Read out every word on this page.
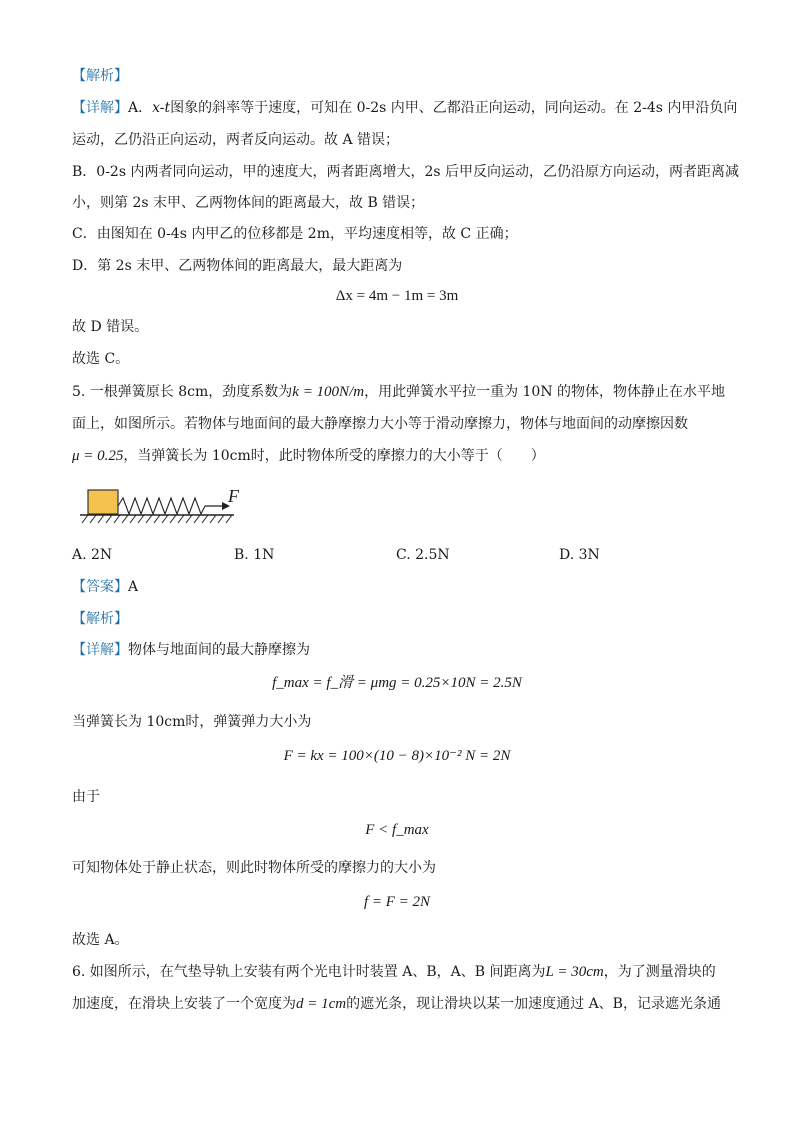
【解析】
【详解】A．x-t图象的斜率等于速度，可知在 0-2s 内甲、乙都沿正向运动，同向运动。在 2-4s 内甲沿负向
运动，乙仍沿正向运动，两者反向运动。故 A 错误；
B．0-2s 内两者同向运动，甲的速度大，两者距离增大，2s 后甲反向运动，乙仍沿原方向运动，两者距离减
小，则第 2s 末甲、乙两物体间的距离最大，故 B 错误；
C．由图知在 0-4s 内甲乙的位移都是 2m，平均速度相等，故 C 正确；
D．第 2s 末甲、乙两物体间的距离最大，最大距离为
Δx = 4m − 1m = 3m
故 D 错误。
故选 C。
5. 一根弹簧原长 8cm，劲度系数为k = 100N/m，用此弹簧水平拉一重为 10N 的物体，物体静止在水平地
面上，如图所示。若物体与地面间的最大静摩擦力大小等于滑动摩擦力，物体与地面间的动摩擦因数
μ = 0.25，当弹簧长为 10cm时，此时物体所受的摩擦力的大小等于（　　）
F
A. 2N	B. 1N	C. 2.5N	D. 3N
【答案】A
【解析】
【详解】物体与地面间的最大静摩擦为
f_max = f_滑 = μmg = 0.25×10N = 2.5N
当弹簧长为 10cm时，弹簧弹力大小为
F = kx = 100×(10 − 8)×10⁻² N = 2N
由于
F < f_max
可知物体处于静止状态，则此时物体所受的摩擦力的大小为
f = F = 2N
故选 A。
6. 如图所示，在气垫导轨上安装有两个光电计时装置 A、B，A、B 间距离为L = 30cm，为了测量滑块的
加速度，在滑块上安装了一个宽度为d = 1cm的遮光条，现让滑块以某一加速度通过 A、B，记录遮光条通
